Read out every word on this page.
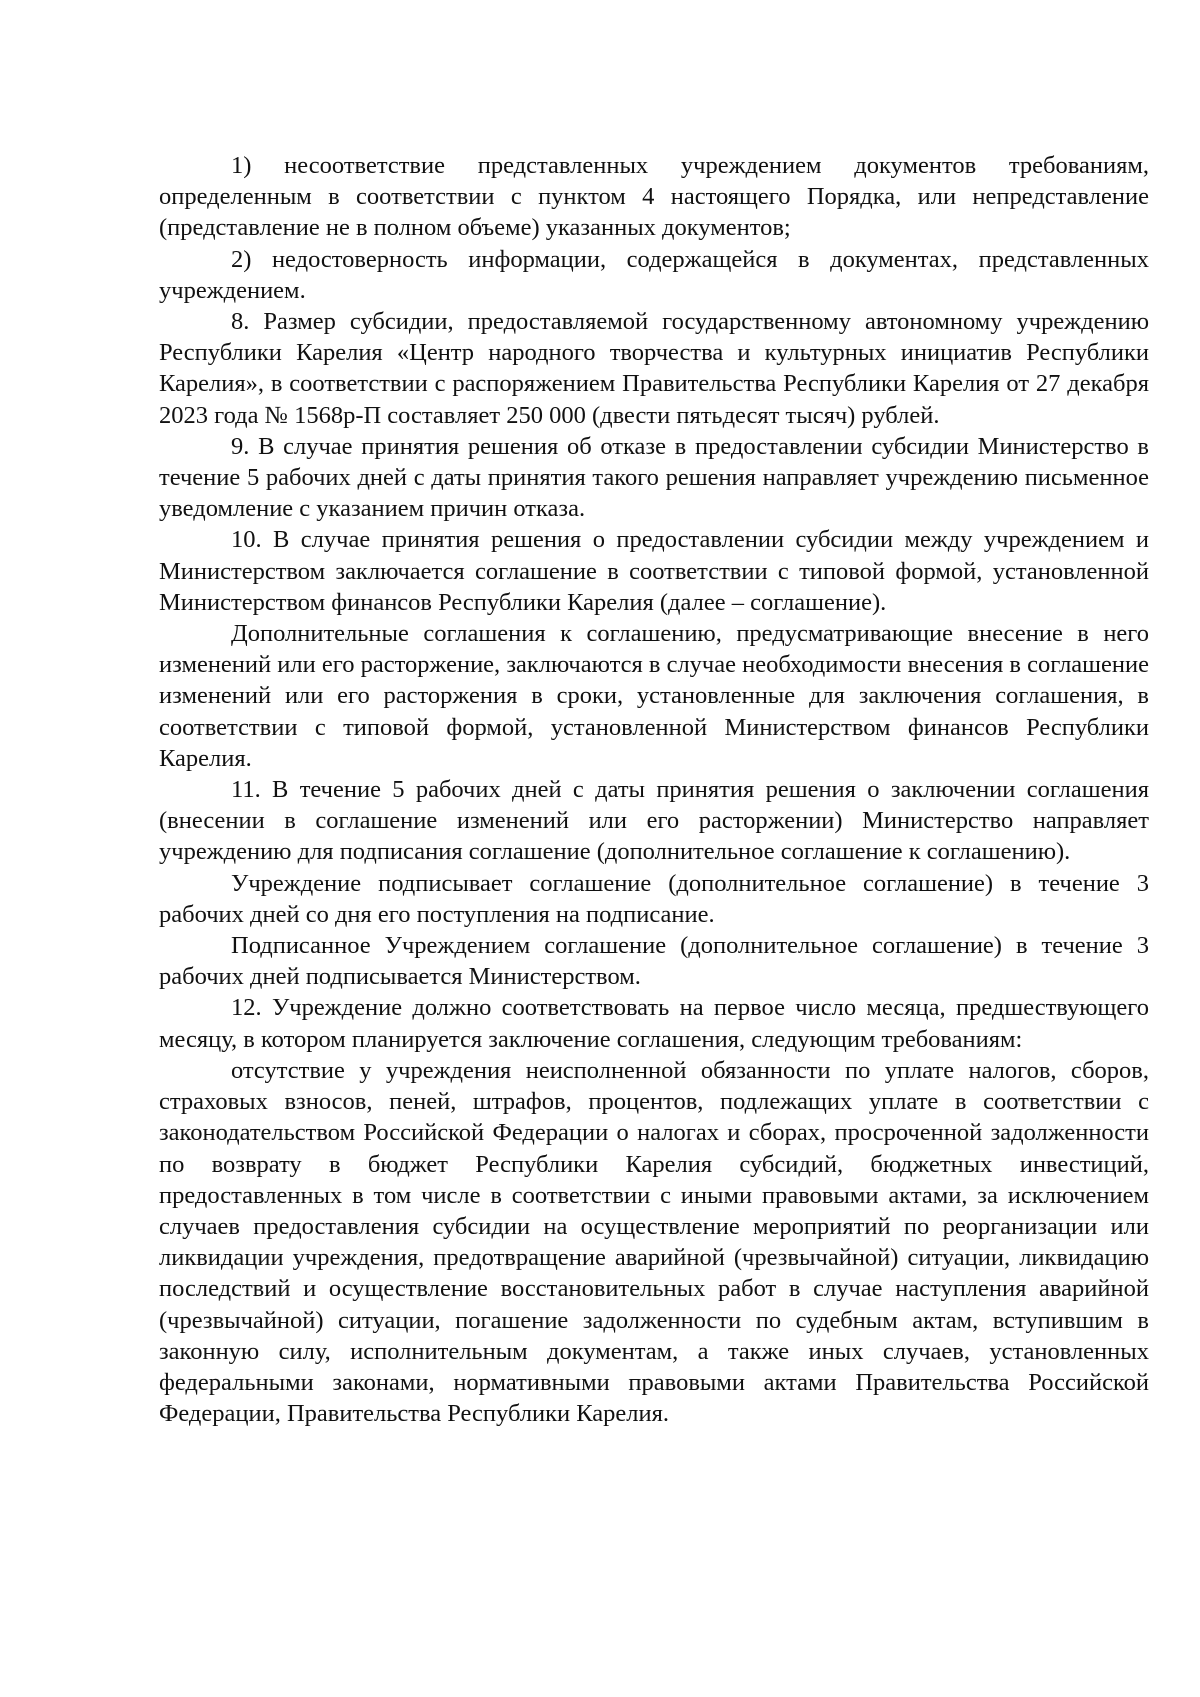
1) несоответствие представленных учреждением документов требованиям, определенным в соответствии с пунктом 4 настоящего Порядка, или непредставление (представление не в полном объеме) указанных документов;

2) недостоверность информации, содержащейся в документах, представленных учреждением.

8. Размер субсидии, предоставляемой государственному автономному учреждению Республики Карелия «Центр народного творчества и культурных инициатив Республики Карелия», в соответствии с распоряжением Правительства Республики Карелия от 27 декабря 2023 года № 1568р-П составляет 250 000 (двести пятьдесят тысяч) рублей.

9. В случае принятия решения об отказе в предоставлении субсидии Министерство в течение 5 рабочих дней с даты принятия такого решения направляет учреждению письменное уведомление с указанием причин отказа.

10. В случае принятия решения о предоставлении субсидии между учреждением и Министерством заключается соглашение в соответствии с типовой формой, установленной Министерством финансов Республики Карелия (далее – соглашение).

Дополнительные соглашения к соглашению, предусматривающие внесение в него изменений или его расторжение, заключаются в случае необходимости внесения в соглашение изменений или его расторжения в сроки, установленные для заключения соглашения, в соответствии с типовой формой, установленной Министерством финансов Республики Карелия.

11. В течение 5 рабочих дней с даты принятия решения о заключении соглашения (внесении в соглашение изменений или его расторжении) Министерство направляет учреждению для подписания соглашение (дополнительное соглашение к соглашению).

Учреждение подписывает соглашение (дополнительное соглашение) в течение 3 рабочих дней со дня его поступления на подписание.

Подписанное Учреждением соглашение (дополнительное соглашение) в течение 3 рабочих дней подписывается Министерством.

12. Учреждение должно соответствовать на первое число месяца, предшествующего месяцу, в котором планируется заключение соглашения, следующим требованиям:

отсутствие у учреждения неисполненной обязанности по уплате налогов, сборов, страховых взносов, пеней, штрафов, процентов, подлежащих уплате в соответствии с законодательством Российской Федерации о налогах и сборах, просроченной задолженности по возврату в бюджет Республики Карелия субсидий, бюджетных инвестиций, предоставленных в том числе в соответствии с иными правовыми актами, за исключением случаев предоставления субсидии на осуществление мероприятий по реорганизации или ликвидации учреждения, предотвращение аварийной (чрезвычайной) ситуации, ликвидацию последствий и осуществление восстановительных работ в случае наступления аварийной (чрезвычайной) ситуации, погашение задолженности по судебным актам, вступившим в законную силу, исполнительным документам, а также иных случаев, установленных федеральными законами, нормативными правовыми актами Правительства Российской Федерации, Правительства Республики Карелия.
